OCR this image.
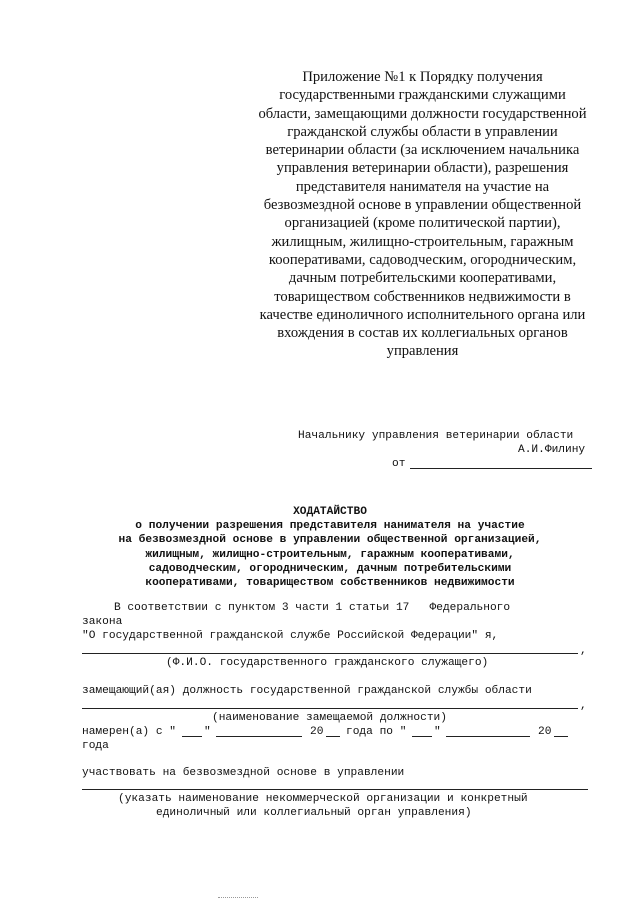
Приложение №1 к Порядку получения
государственными гражданскими служащими
области, замещающими должности государственной
гражданской службы области в управлении
ветеринарии области (за исключением начальника
управления ветеринарии области), разрешения
представителя нанимателя на участие на
безвозмездной основе в управлении общественной
организацией (кроме политической партии),
жилищным, жилищно-строительным, гаражным
кооперативами, садоводческим, огородническим,
дачным потребительскими кооперативами,
товариществом собственников недвижимости в
качестве единоличного исполнительного органа или
вхождения в состав их коллегиальных органов
управления
Начальнику управления ветеринарии области
А.И.Филину
от
ХОДАТАЙСТВО
о получении разрешения представителя нанимателя на участие
на безвозмездной основе в управлении общественной организацией,
жилищным, жилищно-строительным, гаражным кооперативами,
садоводческим, огородническим, дачным потребительскими
кооперативами, товариществом собственников недвижимости
В соответствии с пунктом 3 части 1 статьи 17   Федерального
закона
"О государственной гражданской службе Российской Федерации" я,
,
(Ф.И.О. государственного гражданского служащего)
замещающий(ая) должность государственной гражданской службы области
,
(наименование замещаемой должности)
намерен(а) с "	"	20 года по " "	20
года
участвовать на безвозмездной основе в управлении
(указать наименование некоммерческой организации и конкретный
единоличный или коллегиальный орган управления)
